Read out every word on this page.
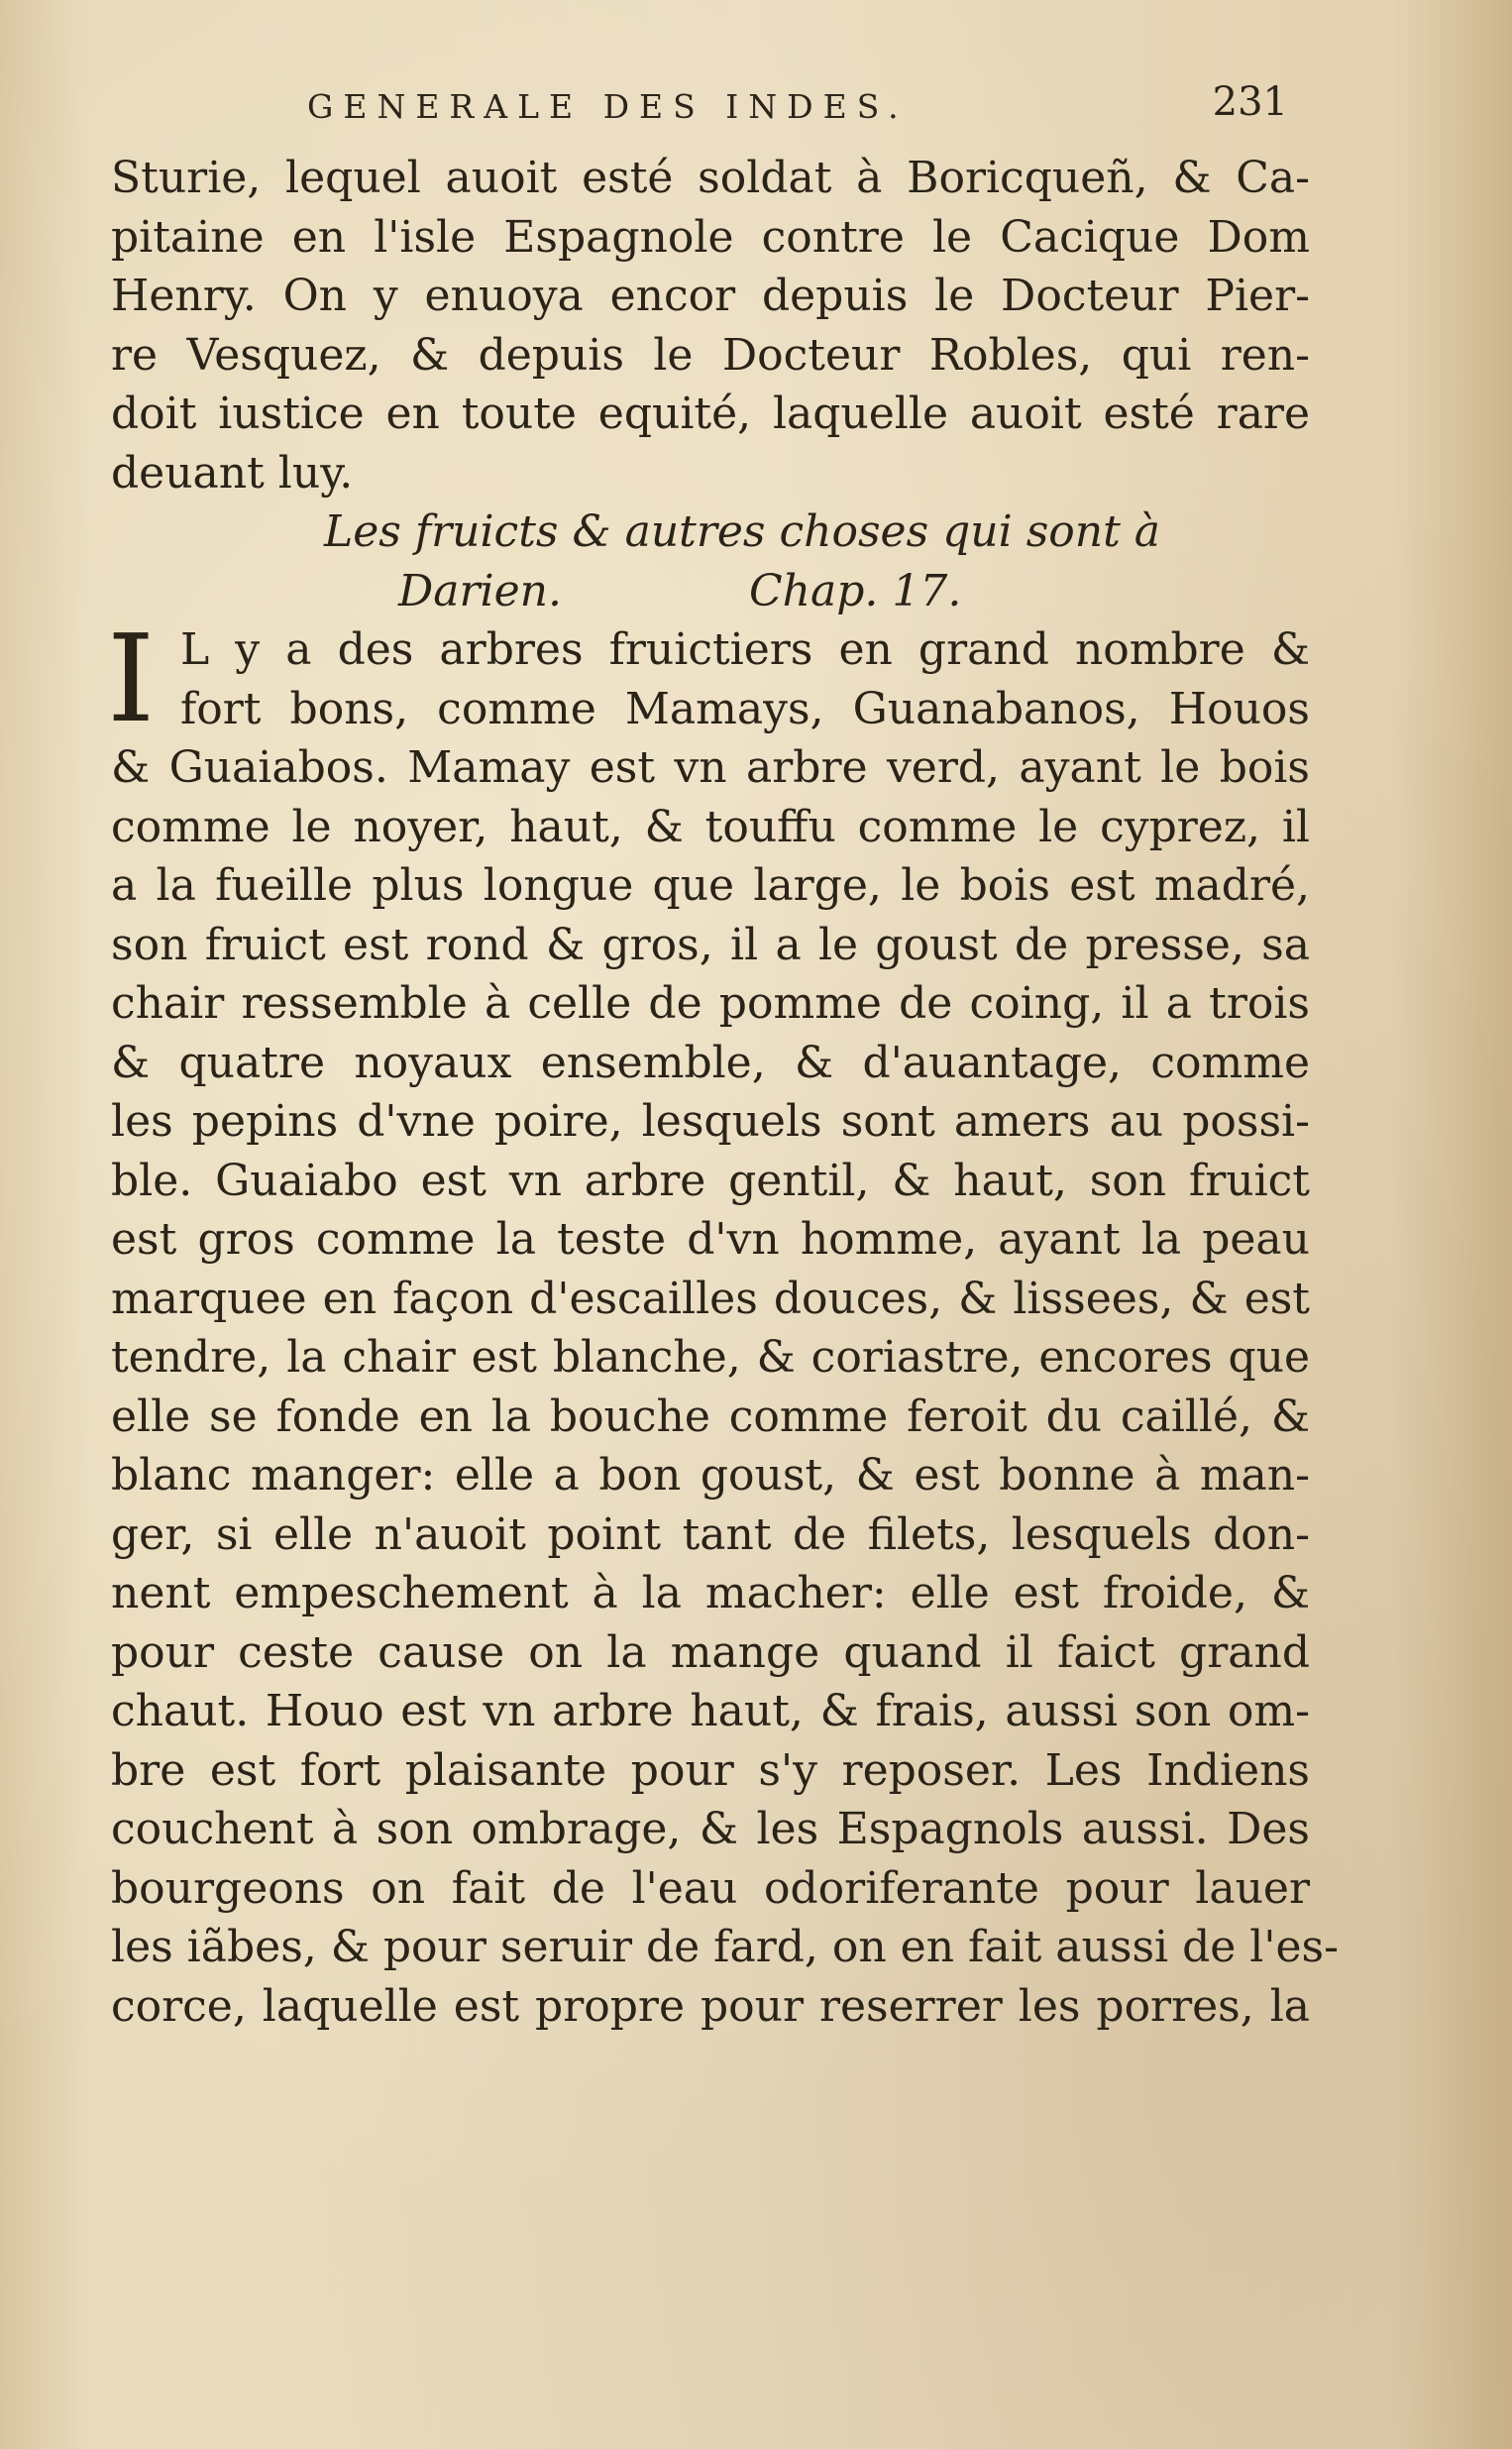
GENERALE DES INDES.	231
Sturie, lequel auoit esté soldat à Boricqueñ, & Ca-
pitaine en l'isle Espagnole contre le Cacique Dom
Henry. On y enuoya encor depuis le Docteur Pier-
re Vesquez, & depuis le Docteur Robles, qui ren-
doit iustice en toute equité, laquelle auoit esté rare
deuant luy.
Les fruicts & autres choses qui sont à
Darien.	Chap. 17.
I L y a des arbres fruictiers en grand nombre &
fort bons, comme Mamays, Guanabanos, Houos
& Guaiabos. Mamay est vn arbre verd, ayant le bois
comme le noyer, haut, & touffu comme le cyprez, il
a la fueille plus longue que large, le bois est madré,
son fruict est rond & gros, il a le goust de presse, sa
chair ressemble à celle de pomme de coing, il a trois
& quatre noyaux ensemble, & d'auantage, comme
les pepins d'vne poire, lesquels sont amers au possi-
ble. Guaiabo est vn arbre gentil, & haut, son fruict
est gros comme la teste d'vn homme, ayant la peau
marquee en façon d'escailles douces, & lissees, & est
tendre, la chair est blanche, & coriastre, encores que
elle se fonde en la bouche comme feroit du caillé, &
blanc manger: elle a bon goust, & est bonne à man-
ger, si elle n'auoit point tant de filets, lesquels don-
nent empeschement à la macher: elle est froide, &
pour ceste cause on la mange quand il faict grand
chaut. Houo est vn arbre haut, & frais, aussi son om-
bre est fort plaisante pour s'y reposer. Les Indiens
couchent à son ombrage, & les Espagnols aussi. Des
bourgeons on fait de l'eau odoriferante pour lauer
les iãbes, & pour seruir de fard, on en fait aussi de l'es-
corce, laquelle est propre pour reserrer les porres, la
